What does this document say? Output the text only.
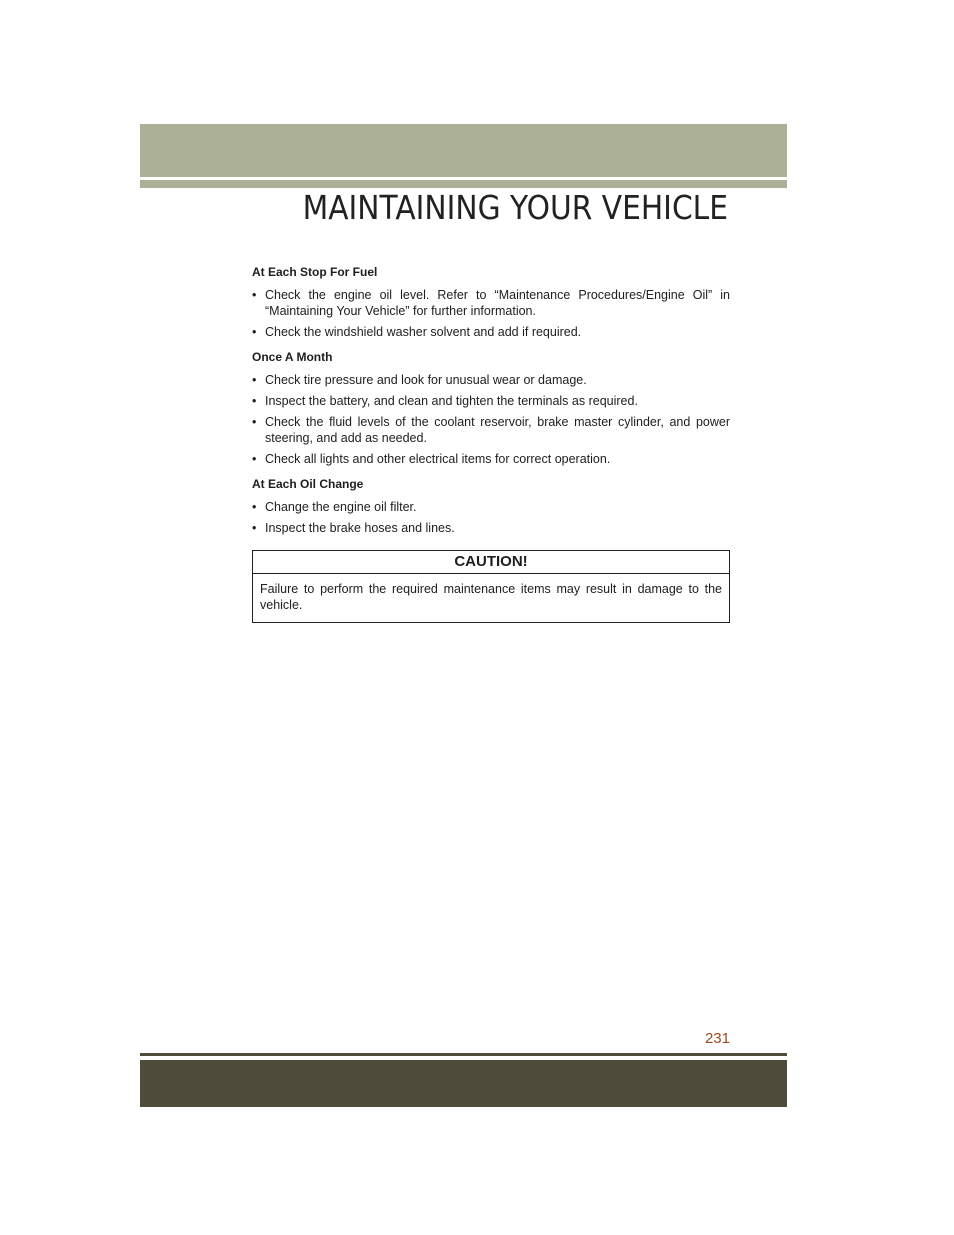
MAINTAINING YOUR VEHICLE
At Each Stop For Fuel
• Check the engine oil level. Refer to “Maintenance Procedures/Engine Oil” in “Maintaining Your Vehicle” for further information.
• Check the windshield washer solvent and add if required.
Once A Month
• Check tire pressure and look for unusual wear or damage.
• Inspect the battery, and clean and tighten the terminals as required.
• Check the fluid levels of the coolant reservoir, brake master cylinder, and power steering, and add as needed.
• Check all lights and other electrical items for correct operation.
At Each Oil Change
• Change the engine oil filter.
• Inspect the brake hoses and lines.
CAUTION!
Failure to perform the required maintenance items may result in damage to the vehicle.
231
